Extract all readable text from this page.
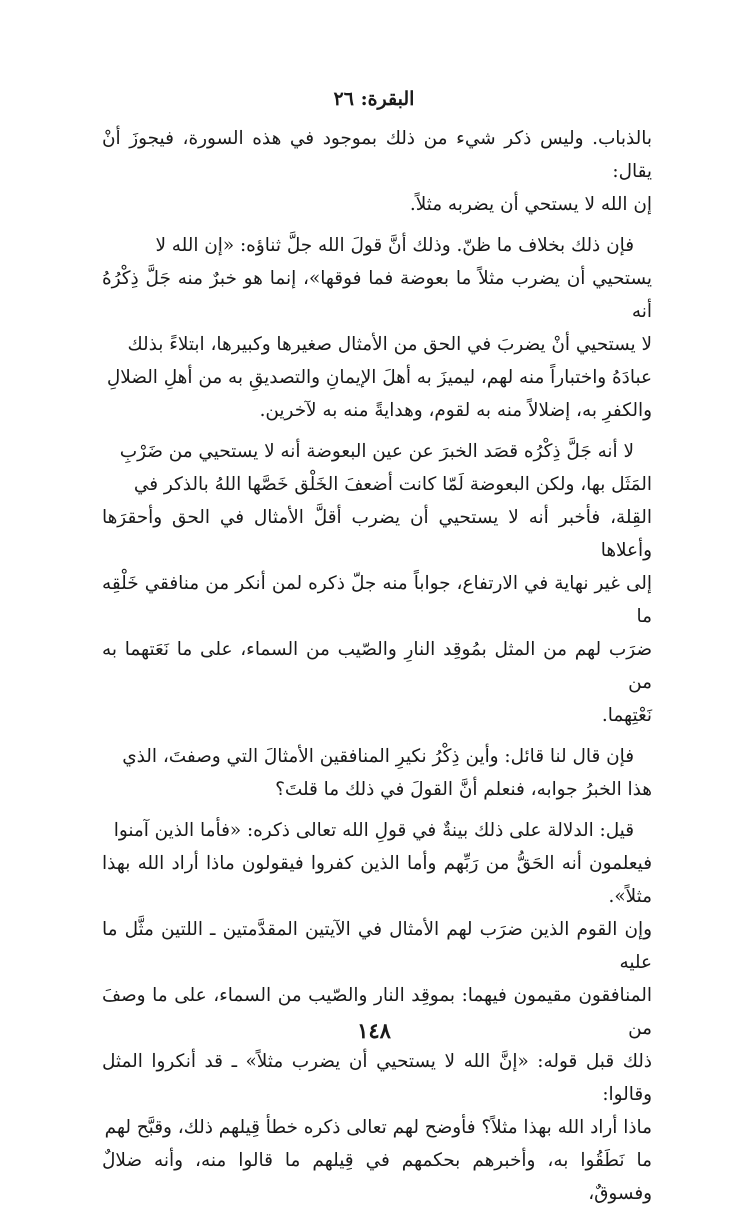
البقرة: ٢٦

بالذباب. وليس ذكر شيء من ذلك بموجود في هذه السورة، فيجوزَ أنْ يقال:

إن الله لا يستحي أن يضربه مثلاً.

فإن ذلك بخلاف ما ظنّ. وذلك أنَّ قولَ الله جلَّ ثناؤه: «إن الله لا

يستحيي أن يضرب مثلاً ما بعوضة فما فوقها»، إنما هو خبرٌ منه جَلَّ ذِكْرُهُ أنه

لا يستحيي أنْ يضربَ في الحق من الأمثال صغيرها وكبيرها، ابتلاءً بذلك

عبادَهُ واختباراً منه لهم، ليميزَ به أهلَ الإيمانِ والتصديقِ به من أهلِ الضلالِ

والكفرِ به، إضلالاً منه به لقوم، وهدايةً منه به لآخرين.

لا أنه جَلَّ ذِكْرُه قصَد الخبرَ عن عين البعوضة أنه لا يستحيي من ضَرْبِ

المَثَل بها، ولكن البعوضة لَمّا كانت أضعفَ الخَلْق خَصَّها اللهُ بالذكر في

القِلة، فأخبر أنه لا يستحيي أن يضرب أقلَّ الأمثال في الحق وأحقرَها وأعلاها

إلى غير نهاية في الارتفاع، جواباً منه جلّ ذكره لمن أنكر من منافقي خَلْقِه ما

ضرَب لهم من المثل بمُوقِد النارِ والصّيب من السماء، على ما نَعَتهما به من

نَعْتِهما.

فإن قال لنا قائل: وأين ذِكْرُ نكيرِ المنافقين الأمثالَ التي وصفتَ، الذي

هذا الخبرُ جوابه، فنعلم أنَّ القولَ في ذلك ما قلتَ؟

قيل: الدلالة على ذلك بينةٌ في قولِ الله تعالى ذكره: «فأما الذين آمنوا

فيعلمون أنه الحَقُّ من رَبِّهم وأما الذين كفروا فيقولون ماذا أراد الله بهذا مثلاً».

وإن القوم الذين ضرَب لهم الأمثال في الآيتين المقدَّمتين ـ اللتين مثَّل ما عليه

المنافقون مقيمون فيهما: بموقِد النار والصّيب من السماء، على ما وصفَ من

ذلك قبل قوله: «إنَّ الله لا يستحيي أن يضرب مثلاً» ـ قد أنكروا المثل وقالوا:

ماذا أراد الله بهذا مثلاً؟ فأوضح لهم تعالى ذكره خطأ قِيلهم ذلك، وقبَّح لهم

ما نَطَقُوا به، وأخبرهم بحكمهم في قِيلهم ما قالوا منه، وأنه ضلالٌ وفسوقٌ،

١٤٨
